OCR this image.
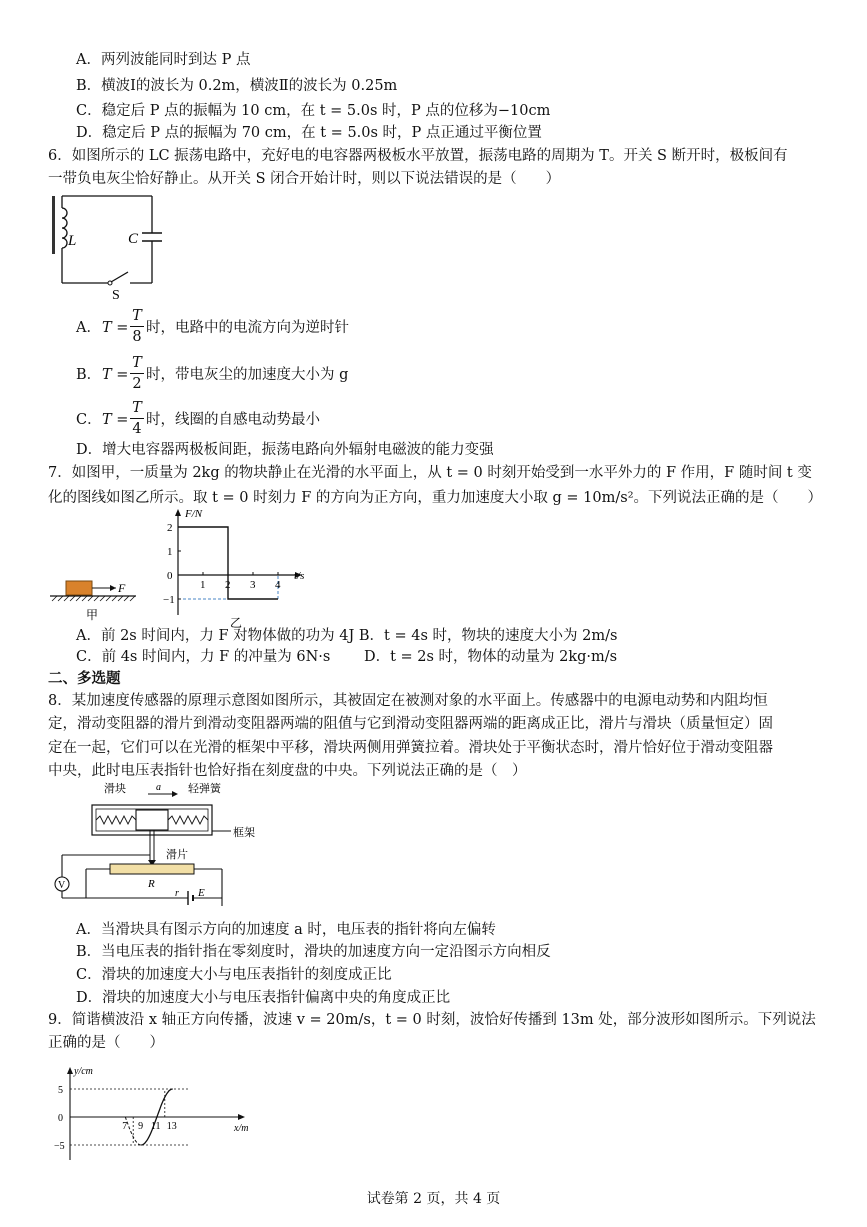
A．两列波能同时到达 P 点
B．横波Ⅰ的波长为 0.2m，横波Ⅱ的波长为 0.25m
C．稳定后 P 点的振幅为 10 cm，在 t = 5.0s 时，P 点的位移为−10cm
D．稳定后 P 点的振幅为 70 cm，在 t = 5.0s 时，P 点正通过平衡位置
6．如图所示的 LC 振荡电路中，充好电的电容器两极板水平放置，振荡电路的周期为 T。开关 S 断开时，极板间有
一带负电灰尘恰好静止。从开关 S 闭合开始计时，则以下说法错误的是（　　）
L	C
S
A． T =
T
8
时，电路中的电流方向为逆时针
B． T =
T
2
时，带电灰尘的加速度大小为 g
C． T =
T
4
时，线圈的自感电动势最小
D．增大电容器两极板间距，振荡电路向外辐射电磁波的能力变强
7．如图甲，一质量为 2kg 的物块静止在光滑的水平面上，从 t = 0 时刻开始受到一水平外力的 F 作用，F 随时间 t 变
化的图线如图乙所示。取 t = 0 时刻力 F 的方向为正方向，重力加速度大小取 g = 10m/s²。下列说法正确的是（　　）
F
甲
F/N
t/s
1 2 3 4
2
1
0
−1
乙
A．前 2s 时间内，力 F 对物体做的功为 4J B．t = 4s 时，物块的速度大小为 2m/s
C．前 4s 时间内，力 F 的冲量为 6N·s　　 D．t = 2s 时，物体的动量为 2kg·m/s
二、多选题
8．某加速度传感器的原理示意图如图所示，其被固定在被测对象的水平面上。传感器中的电源电动势和内阻均恒
定，滑动变阻器的滑片到滑动变阻器两端的阻值与它到滑动变阻器两端的距离成正比，滑片与滑块（质量恒定）固
定在一起，它们可以在光滑的框架中平移，滑块两侧用弹簧拉着。滑块处于平衡状态时，滑片恰好位于滑动变阻器
中央，此时电压表指针也恰好指在刻度盘的中央。下列说法正确的是（　）
滑块	a 轻弹簧
框架
滑片
V	R
r E
A．当滑块具有图示方向的加速度 a 时，电压表的指针将向左偏转
B．当电压表的指针指在零刻度时，滑块的加速度方向一定沿图示方向相反
C．滑块的加速度大小与电压表指针的刻度成正比
D．滑块的加速度大小与电压表指针偏离中央的角度成正比
9．简谐横波沿 x 轴正方向传播，波速 v = 20m/s，t = 0 时刻，波恰好传播到 13m 处，部分波形如图所示。下列说法
正确的是（　　）
y/cm
x/m
7 9 11 13
5
0
−5
试卷第 2 页，共 4 页
